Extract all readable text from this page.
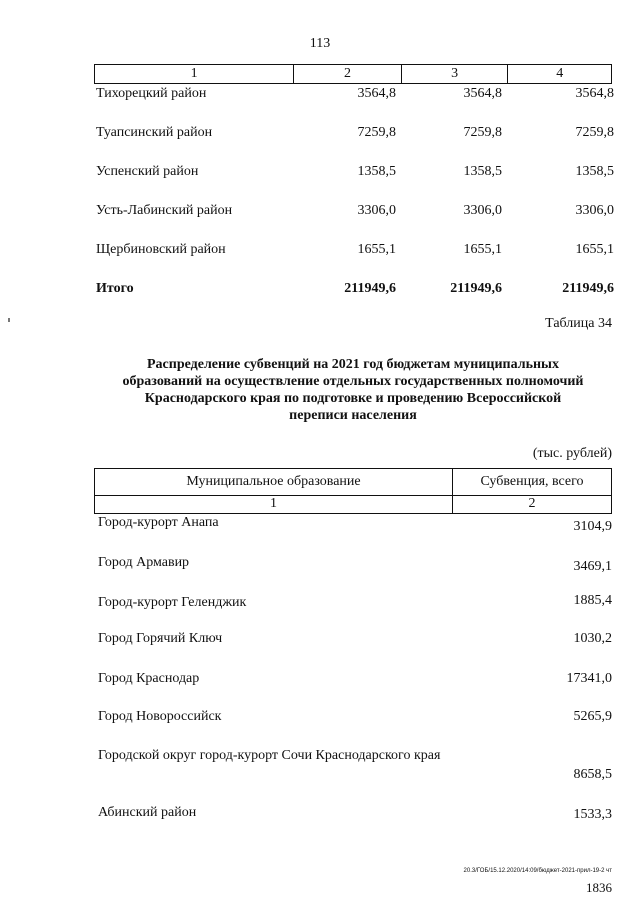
113
1	2	3	4
Тихорецкий район	3564,8	3564,8	3564,8
Туапсинский район	7259,8	7259,8	7259,8
Успенский район	1358,5	1358,5	1358,5
Усть-Лабинский район	3306,0	3306,0	3306,0
Щербиновский район	1655,1	1655,1	1655,1
Итого	211949,6	211949,6	211949,6
Таблица 34
Распределение субвенций на 2021 год бюджетам муниципальных
образований на осуществление отдельных государственных полномочий
Краснодарского края по подготовке и проведению Всероссийской
переписи населения
(тыс. рублей)
Муниципальное образование	Субвенция, всего
1	2
Город-курорт Анапа	3104,9
Город Армавир	3469,1
Город-курорт Геленджик	1885,4
Город Горячий Ключ	1030,2
Город Краснодар	17341,0
Город Новороссийск	5265,9
Городской округ город-курорт Сочи Краснодарского края
8658,5
Абинский район	1533,3
20.3/ГОБ/15.12.2020/14:09/бюджет-2021-прил-19-2 чт
1836
